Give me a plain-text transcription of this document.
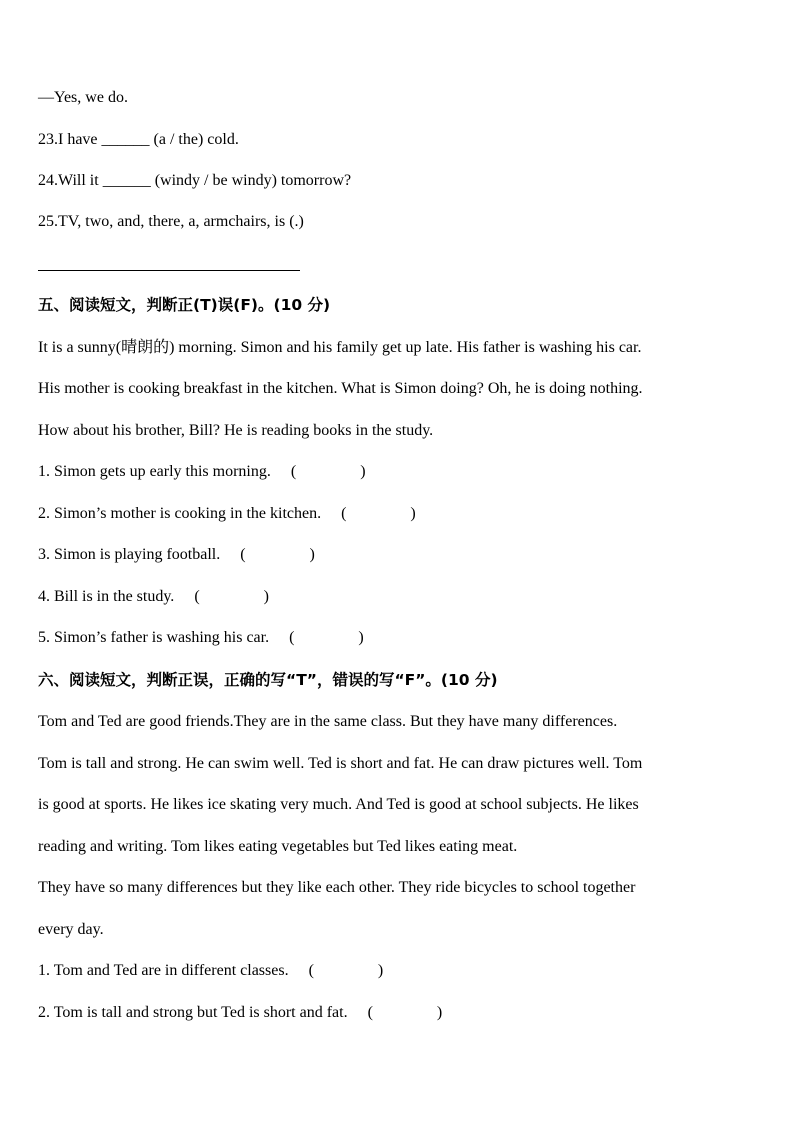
—Yes, we do.
23.I have ______ (a / the) cold.
24.Will it ______ (windy / be windy) tomorrow?
25.TV, two, and, there, a, armchairs, is (.)
五、阅读短文，判断正(T)误(F)。(10 分)
It is a sunny(晴朗的) morning. Simon and his family get up late. His father is washing his car.
His mother is cooking breakfast in the kitchen. What is Simon doing? Oh, he is doing nothing.
How about his brother, Bill? He is reading books in the study.
1. Simon gets up early this morning. (　　　　)
2. Simon’s mother is cooking in the kitchen. (　　　　)
3. Simon is playing football. (　　　　)
4. Bill is in the study. (　　　　)
5. Simon’s father is washing his car. (　　　　)
六、阅读短文，判断正误，正确的写“T”，错误的写“F”。(10 分)
Tom and Ted are good friends.They are in the same class. But they have many differences.
Tom is tall and strong. He can swim well. Ted is short and fat. He can draw pictures well. Tom
is good at sports. He likes ice skating very much. And Ted is good at school subjects. He likes
reading and writing. Tom likes eating vegetables but Ted likes eating meat.
They have so many differences but they like each other. They ride bicycles to school together
every day.
1. Tom and Ted are in different classes. (　　　　)
2. Tom is tall and strong but Ted is short and fat. (　　　　)
